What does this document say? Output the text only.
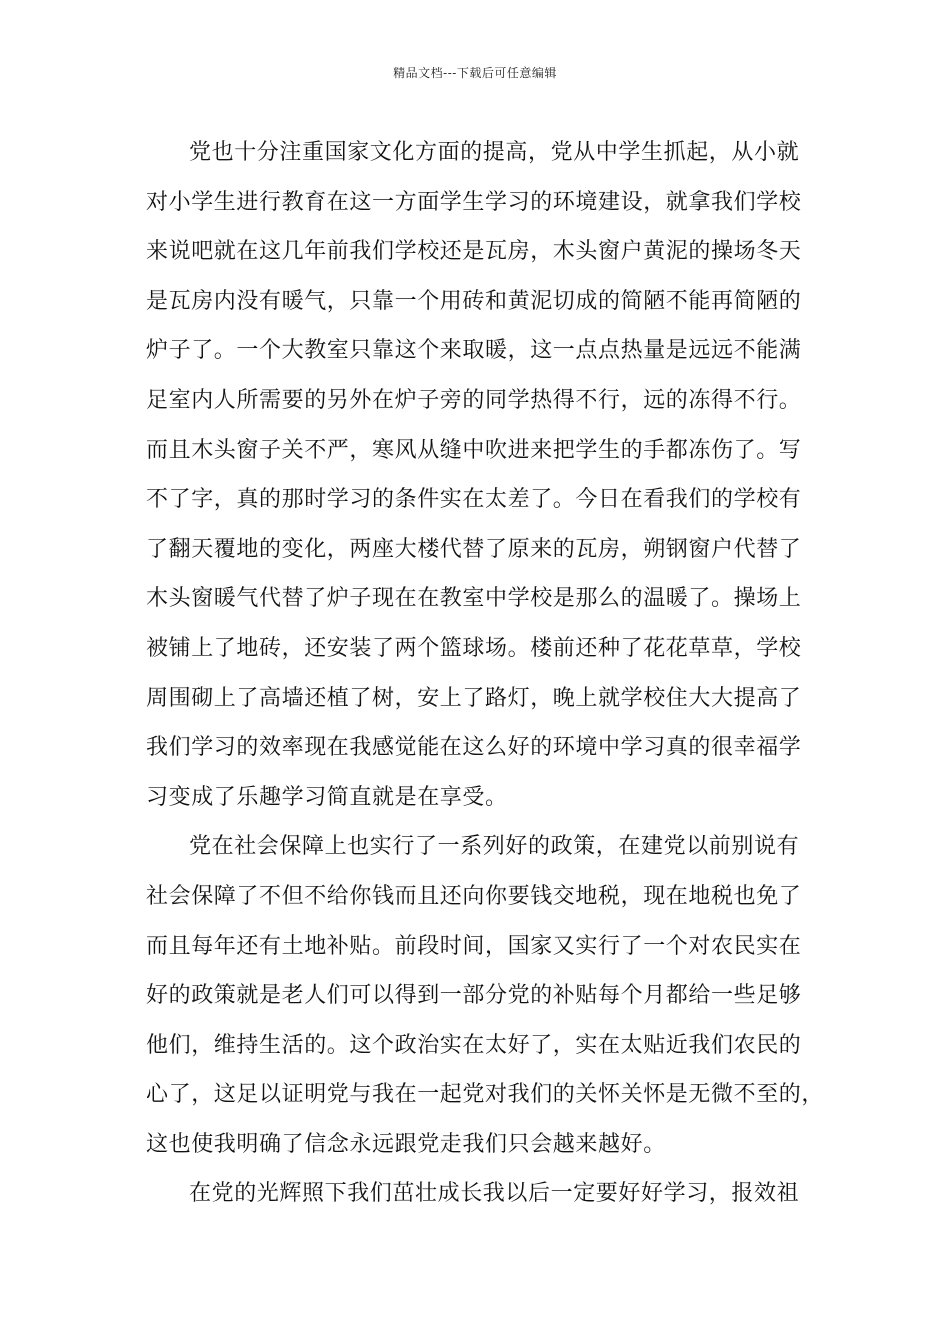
精品文档---下载后可任意编辑
党也十分注重国家文化方面的提高，党从中学生抓起，从小就
对小学生进行教育在这一方面学生学习的环境建设，就拿我们学校
来说吧就在这几年前我们学校还是瓦房，木头窗户黄泥的操场冬天
是瓦房内没有暖气，只靠一个用砖和黄泥切成的简陋不能再简陋的
炉子了。一个大教室只靠这个来取暖，这一点点热量是远远不能满
足室内人所需要的另外在炉子旁的同学热得不行，远的冻得不行。
而且木头窗子关不严，寒风从缝中吹进来把学生的手都冻伤了。写
不了字，真的那时学习的条件实在太差了。今日在看我们的学校有
了翻天覆地的变化，两座大楼代替了原来的瓦房，朔钢窗户代替了
木头窗暖气代替了炉子现在在教室中学校是那么的温暖了。操场上
被铺上了地砖，还安装了两个篮球场。楼前还种了花花草草，学校
周围砌上了高墙还植了树，安上了路灯，晚上就学校住大大提高了
我们学习的效率现在我感觉能在这么好的环境中学习真的很幸福学
习变成了乐趣学习简直就是在享受。
党在社会保障上也实行了一系列好的政策，在建党以前别说有
社会保障了不但不给你钱而且还向你要钱交地税，现在地税也免了
而且每年还有土地补贴。前段时间，国家又实行了一个对农民实在
好的政策就是老人们可以得到一部分党的补贴每个月都给一些足够
他们，维持生活的。这个政治实在太好了，实在太贴近我们农民的
心了，这足以证明党与我在一起党对我们的关怀关怀是无微不至的，
这也使我明确了信念永远跟党走我们只会越来越好。
在党的光辉照下我们茁壮成长我以后一定要好好学习，报效祖
